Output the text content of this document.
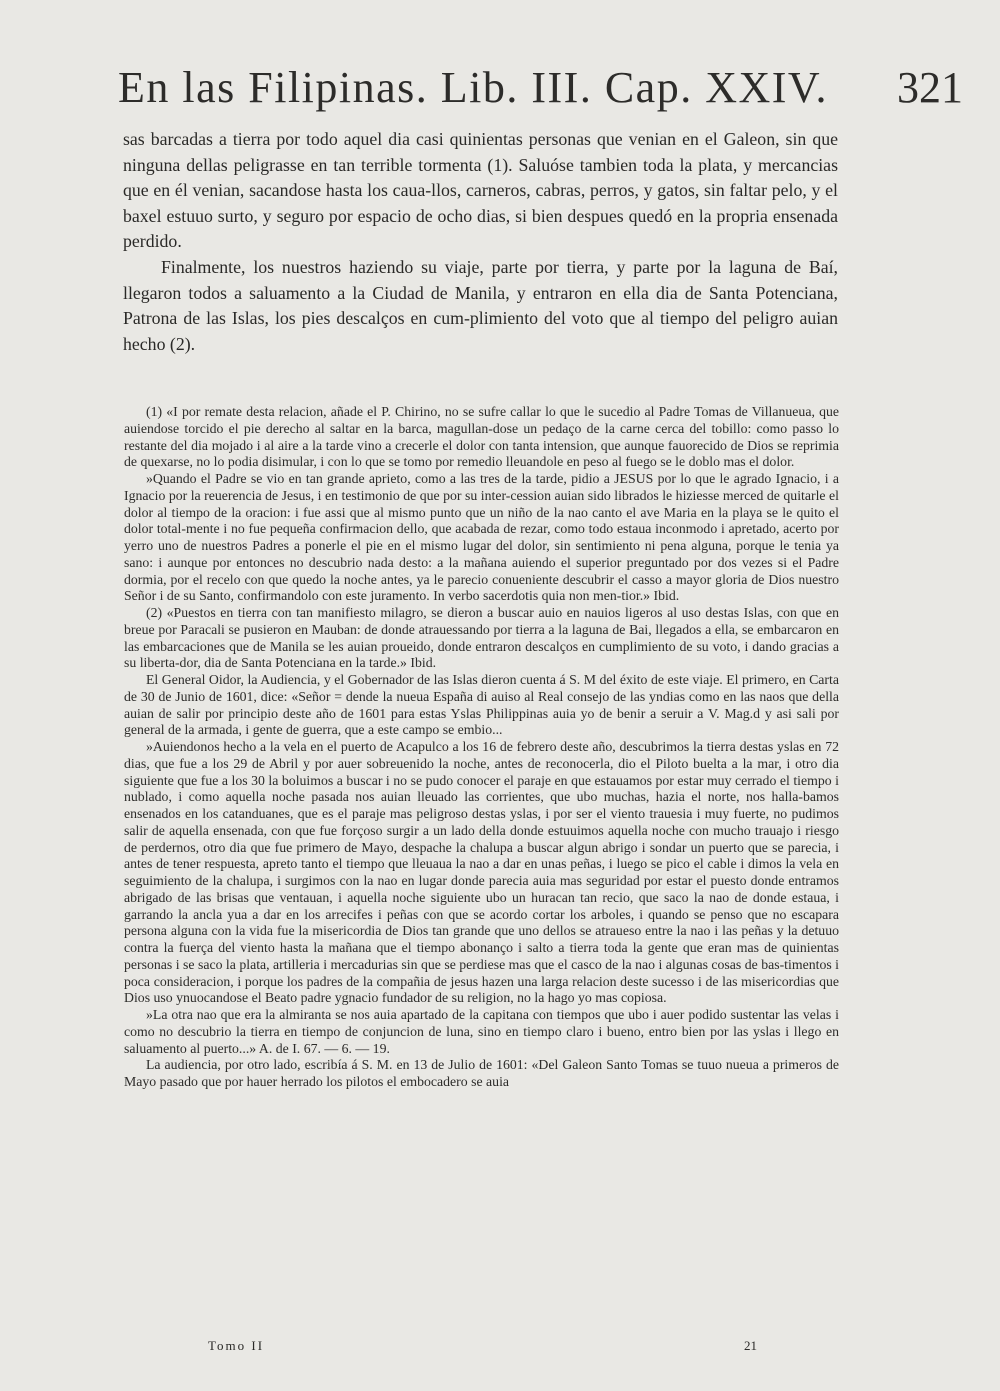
En las Filipinas. Lib. III. Cap. XXIV. 321

sas barcadas a tierra por todo aquel dia casi quinientas personas que venian en el Galeon, sin que ninguna dellas peligrasse en tan terrible tormenta (1). Saluóse tambien toda la plata, y mercancias que en él venian, sacandose hasta los caua-llos, carneros, cabras, perros, y gatos, sin faltar pelo, y el baxel estuuo surto, y seguro por espacio de ocho dias, si bien despues quedó en la propria ensenada perdido.

Finalmente, los nuestros haziendo su viaje, parte por tierra, y parte por la laguna de Baí, llegaron todos a saluamento a la Ciudad de Manila, y entraron en ella dia de Santa Potenciana, Patrona de las Islas, los pies descalços en cum-plimiento del voto que al tiempo del peligro auian hecho (2).

(1) «I por remate desta relacion, añade el P. Chirino, no se sufre callar lo que le sucedio al Padre Tomas de Villanueua, que auiendose torcido el pie derecho al saltar en la barca, magullan-dose un pedaço de la carne cerca del tobillo: como passo lo restante del dia mojado i al aire a la tarde vino a crecerle el dolor con tanta intension, que aunque fauorecido de Dios se reprimia de quexarse, no lo podia disimular, i con lo que se tomo por remedio lleuandole en peso al fuego se le doblo mas el dolor.

»Quando el Padre se vio en tan grande aprieto, como a las tres de la tarde, pidio a JESUS por lo que le agrado Ignacio, i a Ignacio por la reuerencia de Jesus, i en testimonio de que por su inter-cession auian sido librados le hiziesse merced de quitarle el dolor al tiempo de la oracion: i fue assi que al mismo punto que un niño de la nao canto el ave Maria en la playa se le quito el dolor total-mente i no fue pequeña confirmacion dello, que acabada de rezar, como todo estaua inconmodo i apretado, acerto por yerro uno de nuestros Padres a ponerle el pie en el mismo lugar del dolor, sin sentimiento ni pena alguna, porque le tenia ya sano: i aunque por entonces no descubrio nada desto: a la mañana auiendo el superior preguntado por dos vezes si el Padre dormia, por el recelo con que quedo la noche antes, ya le parecio conueniente descubrir el casso a mayor gloria de Dios nuestro Señor i de su Santo, confirmandolo con este juramento. In verbo sacerdotis quia non men-tior.» Ibid.

(2) «Puestos en tierra con tan manifiesto milagro, se dieron a buscar auio en nauios ligeros al uso destas Islas, con que en breue por Paracali se pusieron en Mauban: de donde atrauessando por tierra a la laguna de Bai, llegados a ella, se embarcaron en las embarcaciones que de Manila se les auian proueido, donde entraron descalços en cumplimiento de su voto, i dando gracias a su liberta-dor, dia de Santa Potenciana en la tarde.» Ibid.

El General Oidor, la Audiencia, y el Gobernador de las Islas dieron cuenta á S. M del éxito de este viaje. El primero, en Carta de 30 de Junio de 1601, dice: «Señor = dende la nueua España di auiso al Real consejo de las yndias como en las naos que della auian de salir por principio deste año de 1601 para estas Yslas Philippinas auia yo de benir a seruir a V. Mag.d y asi sali por general de la armada, i gente de guerra, que a este campo se embio...

»Auiendonos hecho a la vela en el puerto de Acapulco a los 16 de febrero deste año, descubrimos la tierra destas yslas en 72 dias, que fue a los 29 de Abril y por auer sobreuenido la noche, antes de reconocerla, dio el Piloto buelta a la mar, i otro dia siguiente que fue a los 30 la boluimos a buscar i no se pudo conocer el paraje en que estauamos por estar muy cerrado el tiempo i nublado, i como aquella noche pasada nos auian lleuado las corrientes, que ubo muchas, hazia el norte, nos halla-bamos ensenados en los catanduanes, que es el paraje mas peligroso destas yslas, i por ser el viento trauesia i muy fuerte, no pudimos salir de aquella ensenada, con que fue forçoso surgir a un lado della donde estuuimos aquella noche con mucho trauajo i riesgo de perdernos, otro dia que fue primero de Mayo, despache la chalupa a buscar algun abrigo i sondar un puerto que se parecia, i antes de tener respuesta, apreto tanto el tiempo que lleuaua la nao a dar en unas peñas, i luego se pico el cable i dimos la vela en seguimiento de la chalupa, i surgimos con la nao en lugar donde parecia auia mas seguridad por estar el puesto donde entramos abrigado de las brisas que ventauan, i aquella noche siguiente ubo un huracan tan recio, que saco la nao de donde estaua, i garrando la ancla yua a dar en los arrecifes i peñas con que se acordo cortar los arboles, i quando se penso que no escapara persona alguna con la vida fue la misericordia de Dios tan grande que uno dellos se atraueso entre la nao i las peñas y la detuuo contra la fuerça del viento hasta la mañana que el tiempo abonanço i salto a tierra toda la gente que eran mas de quinientas personas i se saco la plata, artilleria i mercadurias sin que se perdiese mas que el casco de la nao i algunas cosas de bas-timentos i poca consideracion, i porque los padres de la compañia de jesus hazen una larga relacion deste sucesso i de las misericordias que Dios uso ynuocandose el Beato padre ygnacio fundador de su religion, no la hago yo mas copiosa.

»La otra nao que era la almiranta se nos auia apartado de la capitana con tiempos que ubo i auer podido sustentar las velas i como no descubrio la tierra en tiempo de conjuncion de luna, sino en tiempo claro i bueno, entro bien por las yslas i llego en saluamento al puerto...» A. de I. 67. — 6. — 19.

La audiencia, por otro lado, escribía á S. M. en 13 de Julio de 1601: «Del Galeon Santo Tomas se tuuo nueua a primeros de Mayo pasado que por hauer herrado los pilotos el embocadero se auia

Tomo II	21
